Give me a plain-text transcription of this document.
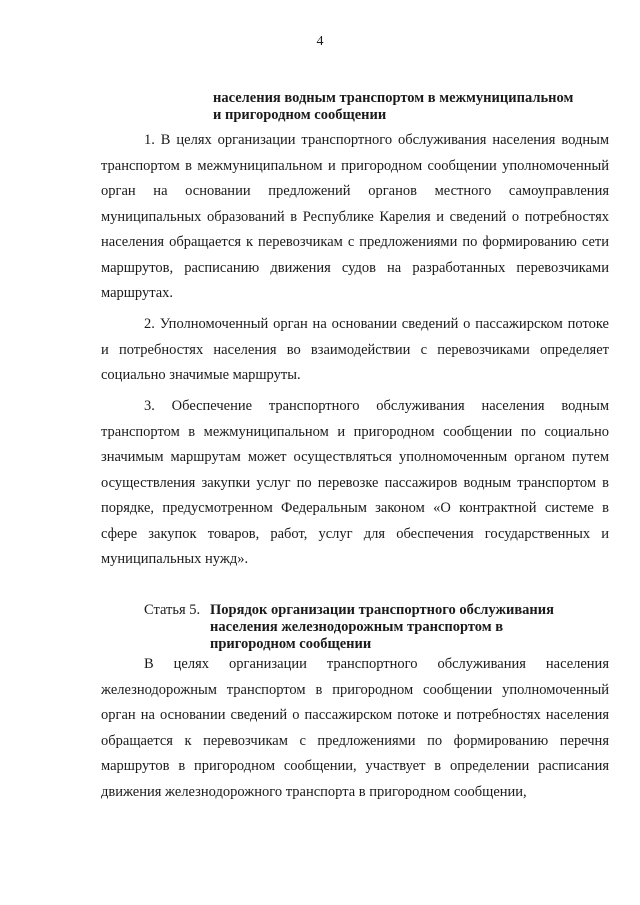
4
населения водным транспортом в межмуниципальном
и пригородном сообщении

1. В целях организации транспортного обслуживания населения водным транспортом в межмуниципальном и пригородном сообщении уполномоченный орган на основании предложений органов местного самоуправления муниципальных образований в Республике Карелия и сведений о потребностях населения обращается к перевозчикам с предложениями по формированию сети маршрутов, расписанию движения судов на разработанных перевозчиками маршрутах.

2. Уполномоченный орган на основании сведений о пассажирском потоке и потребностях населения во взаимодействии с перевозчиками определяет социально значимые маршруты.

3. Обеспечение транспортного обслуживания населения водным транспортом в межмуниципальном и пригородном сообщении по социально значимым маршрутам может осуществляться уполномоченным органом путем осуществления закупки услуг по перевозке пассажиров водным транспортом в порядке, предусмотренном Федеральным законом «О контрактной системе в сфере закупок товаров, работ, услуг для обеспечения государственных и муниципальных нужд».

Статья 5. Порядок организации транспортного обслуживания
населения железнодорожным транспортом в
пригородном сообщении

В целях организации транспортного обслуживания населения железнодорожным транспортом в пригородном сообщении уполномоченный орган на основании сведений о пассажирском потоке и потребностях населения обращается к перевозчикам с предложениями по формированию перечня маршрутов в пригородном сообщении, участвует в определении расписания движения железнодорожного транспорта в пригородном сообщении,
